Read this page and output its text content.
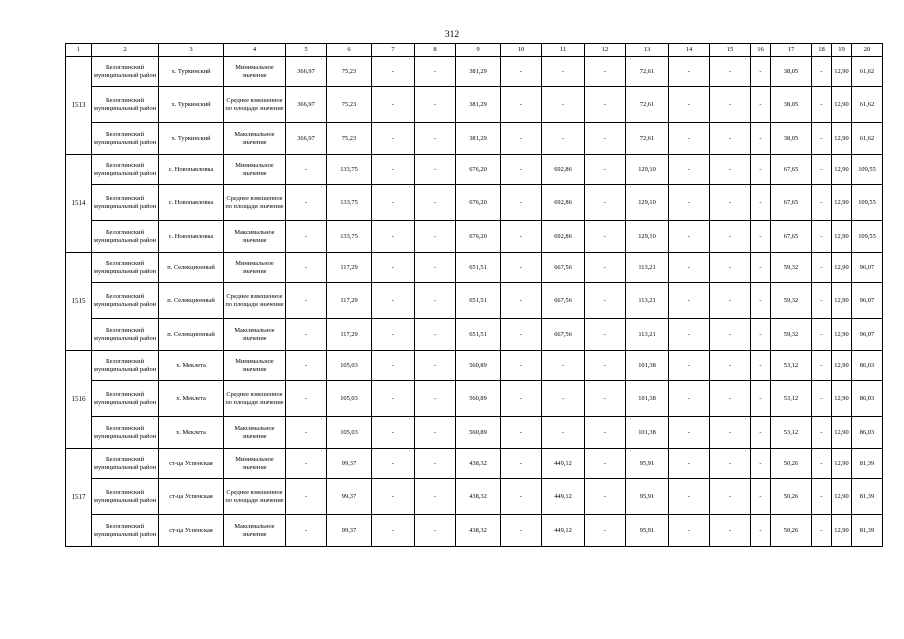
312
1	2	3	4	5	6	7	8	9	10	11	12	13	14	15	16	17	18	19	20
1513	Белоглинский муниципальный район	х. Туркинский	Минимальное значение	366,97	75,23	-	-	381,29	-	-	-	72,61	-	-	-	38,05	-	12,90	61,62
	Белоглинский муниципальный район	х. Туркинский	Среднее взвешенное по площади значение	366,97	75,23	-	-	381,29	-	-	-	72,61	-	-	-	38,05	-	12,90	61,62
	Белоглинский муниципальный район	х. Туркинский	Максимальное значение	366,97	75,23	-	-	381,29	-	-	-	72,61	-	-	-	38,05	-	12,90	61,62
1514	Белоглинский муниципальный район	с. Новопавловка	Минимальное значение	-	133,75	-	-	676,20	-	692,86	-	129,10	-	-	-	67,65	-	12,90	109,55
	Белоглинский муниципальный район	с. Новопавловка	Среднее взвешенное по площади значение	-	133,75	-	-	676,20	-	692,86	-	129,10	-	-	-	67,65	-	12,90	109,55
	Белоглинский муниципальный район	с. Новопавловка	Максимальное значение	-	133,75	-	-	676,20	-	692,86	-	129,10	-	-	-	67,65	-	12,90	109,55
1515	Белоглинский муниципальный район	п. Селекционный	Минимальное значение	-	117,29	-	-	651,51	-	667,56	-	113,21	-	-	-	59,32	-	12,90	96,07
	Белоглинский муниципальный район	п. Селекционный	Среднее взвешенное по площади значение	-	117,29	-	-	651,51	-	667,56	-	113,21	-	-	-	59,32	-	12,90	96,07
	Белоглинский муниципальный район	п. Селекционный	Максимальное значение	-	117,29	-	-	651,51	-	667,56	-	113,21	-	-	-	59,32	-	12,90	96,07
1516	Белоглинский муниципальный район	х. Меклета	Минимальное значение	-	105,03	-	-	560,89	-	-	-	101,38	-	-	-	53,12	-	12,90	86,03
	Белоглинский муниципальный район	х. Меклета	Среднее взвешенное по площади значение	-	105,03	-	-	560,89	-	-	-	101,38	-	-	-	53,12	-	12,90	86,03
	Белоглинский муниципальный район	х. Меклета	Максимальное значение	-	105,03	-	-	560,89	-	-	-	101,38	-	-	-	53,12	-	12,90	86,03
1517	Белоглинский муниципальный район	ст-ца Успенская	Минимальное значение	-	99,37	-	-	438,32	-	449,12	-	95,91	-	-	-	50,26	-	12,90	81,39
	Белоглинский муниципальный район	ст-ца Успенская	Среднее взвешенное по площади значение	-	99,37	-	-	438,32	-	449,12	-	95,91	-	-	-	50,26	-	12,90	81,39
	Белоглинский муниципальный район	ст-ца Успенская	Максимальное значение	-	99,37	-	-	438,32	-	449,12	-	95,91	-	-	-	50,26	-	12,90	81,39
